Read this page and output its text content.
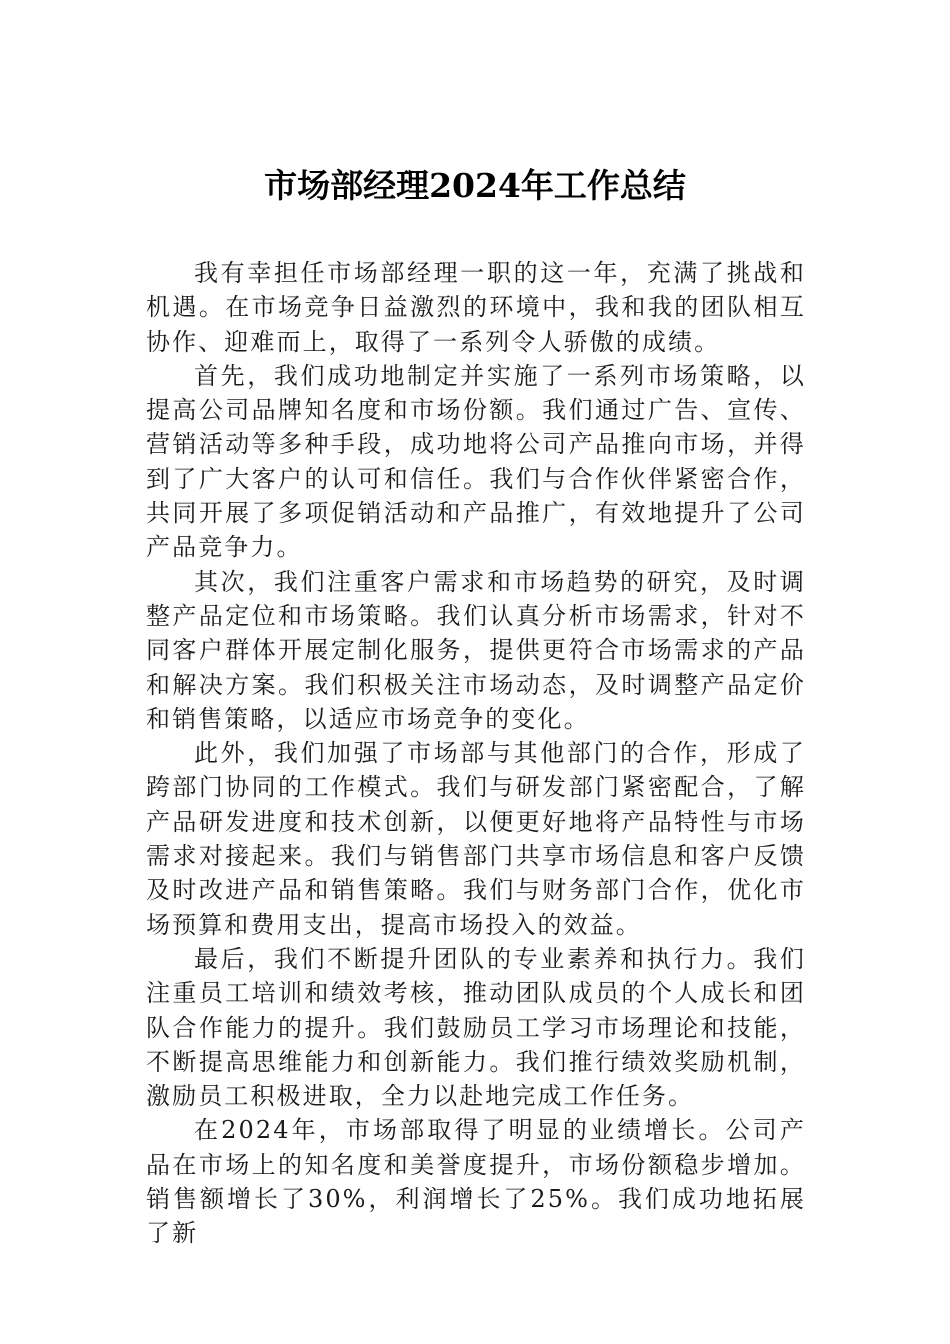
市场部经理2024年工作总结

我有幸担任市场部经理一职的这一年，充满了挑战和机遇。在市场竞争日益激烈的环境中，我和我的团队相互协作、迎难而上，取得了一系列令人骄傲的成绩。

首先，我们成功地制定并实施了一系列市场策略，以提高公司品牌知名度和市场份额。我们通过广告、宣传、营销活动等多种手段，成功地将公司产品推向市场，并得到了广大客户的认可和信任。我们与合作伙伴紧密合作，共同开展了多项促销活动和产品推广，有效地提升了公司产品竞争力。

其次，我们注重客户需求和市场趋势的研究，及时调整产品定位和市场策略。我们认真分析市场需求，针对不同客户群体开展定制化服务，提供更符合市场需求的产品和解决方案。我们积极关注市场动态，及时调整产品定价和销售策略，以适应市场竞争的变化。

此外，我们加强了市场部与其他部门的合作，形成了跨部门协同的工作模式。我们与研发部门紧密配合，了解产品研发进度和技术创新，以便更好地将产品特性与市场需求对接起来。我们与销售部门共享市场信息和客户反馈及时改进产品和销售策略。我们与财务部门合作，优化市场预算和费用支出，提高市场投入的效益。

最后，我们不断提升团队的专业素养和执行力。我们注重员工培训和绩效考核，推动团队成员的个人成长和团队合作能力的提升。我们鼓励员工学习市场理论和技能，不断提高思维能力和创新能力。我们推行绩效奖励机制，激励员工积极进取，全力以赴地完成工作任务。

在2024年，市场部取得了明显的业绩增长。公司产品在市场上的知名度和美誉度提升，市场份额稳步增加。销售额增长了30%，利润增长了25%。我们成功地拓展了新
